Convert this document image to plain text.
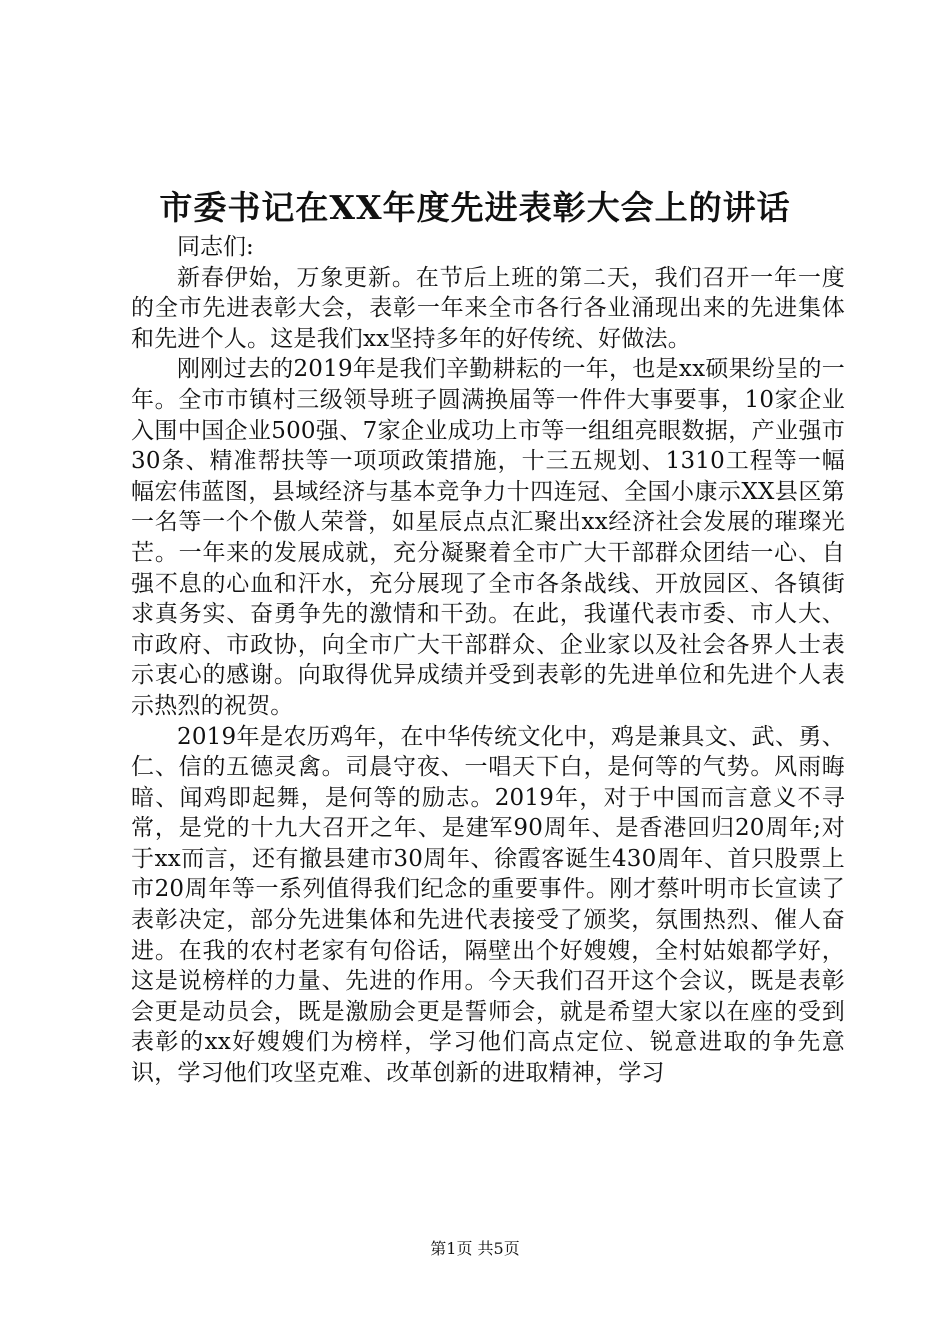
市委书记在XX年度先进表彰大会上的讲话

同志们:

新春伊始，万象更新。在节后上班的第二天，我们召开一年一度的全市先进表彰大会，表彰一年来全市各行各业涌现出来的先进集体和先进个人。这是我们xx坚持多年的好传统、好做法。

刚刚过去的2019年是我们辛勤耕耘的一年，也是xx硕果纷呈的一年。全市市镇村三级领导班子圆满换届等一件件大事要事，10家企业入围中国企业500强、7家企业成功上市等一组组亮眼数据，产业强市30条、精准帮扶等一项项政策措施，十三五规划、1310工程等一幅幅宏伟蓝图，县域经济与基本竞争力十四连冠、全国小康示XX县区第一名等一个个傲人荣誉，如星辰点点汇聚出xx经济社会发展的璀璨光芒。一年来的发展成就，充分凝聚着全市广大干部群众团结一心、自强不息的心血和汗水，充分展现了全市各条战线、开放园区、各镇街求真务实、奋勇争先的激情和干劲。在此，我谨代表市委、市人大、市政府、市政协，向全市广大干部群众、企业家以及社会各界人士表示衷心的感谢。向取得优异成绩并受到表彰的先进单位和先进个人表示热烈的祝贺。

2019年是农历鸡年，在中华传统文化中，鸡是兼具文、武、勇、仁、信的五德灵禽。司晨守夜、一唱天下白，是何等的气势。风雨晦暗、闻鸡即起舞，是何等的励志。2019年，对于中国而言意义不寻常，是党的十九大召开之年、是建军90周年、是香港回归20周年;对于xx而言，还有撤县建市30周年、徐霞客诞生430周年、首只股票上市20周年等一系列值得我们纪念的重要事件。刚才蔡叶明市长宣读了表彰决定，部分先进集体和先进代表接受了颁奖，氛围热烈、催人奋进。在我的农村老家有句俗话，隔壁出个好嫂嫂，全村姑娘都学好，这是说榜样的力量、先进的作用。今天我们召开这个会议，既是表彰会更是动员会，既是激励会更是誓师会，就是希望大家以在座的受到表彰的xx好嫂嫂们为榜样，学习他们高点定位、锐意进取的争先意识，学习他们攻坚克难、改革创新的进取精神，学习

第1页 共5页
